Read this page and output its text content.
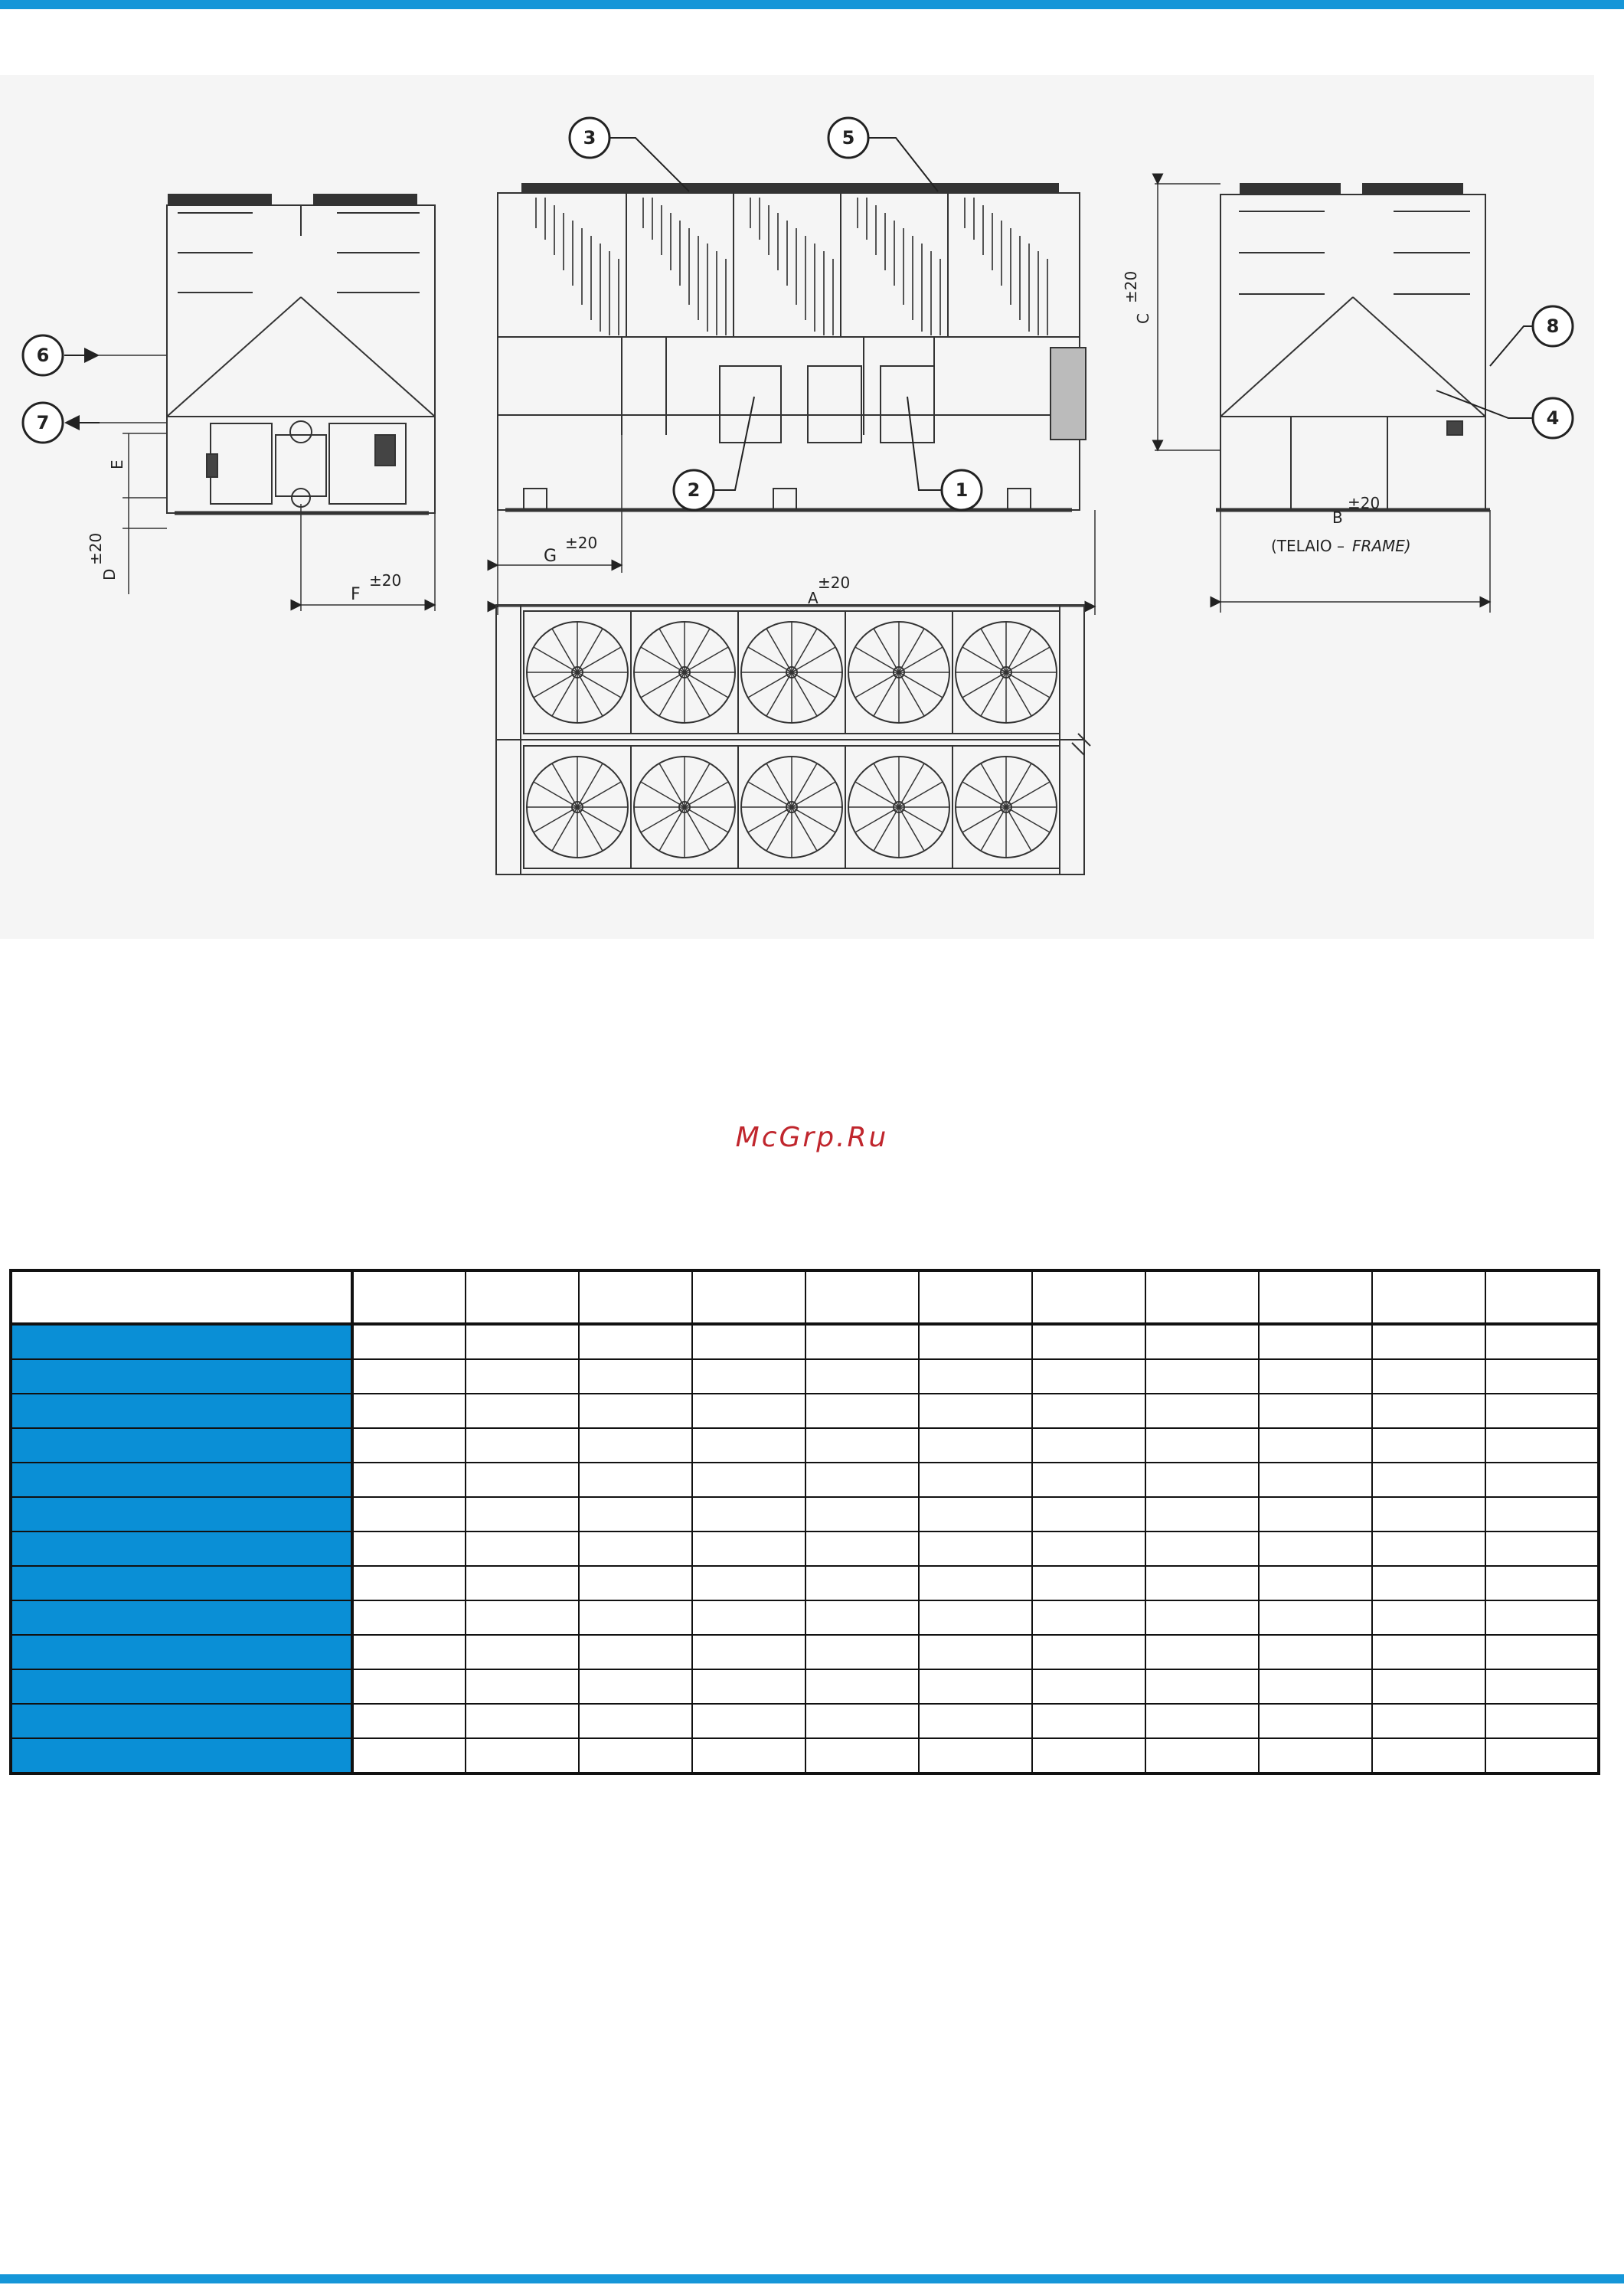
E
D
±20
F
±20
6
7
A
±20
G
±20
3	5
2	1
C
±20
B
±20
(TELAIO – FRAME)
8
4
McGrp.Ru
